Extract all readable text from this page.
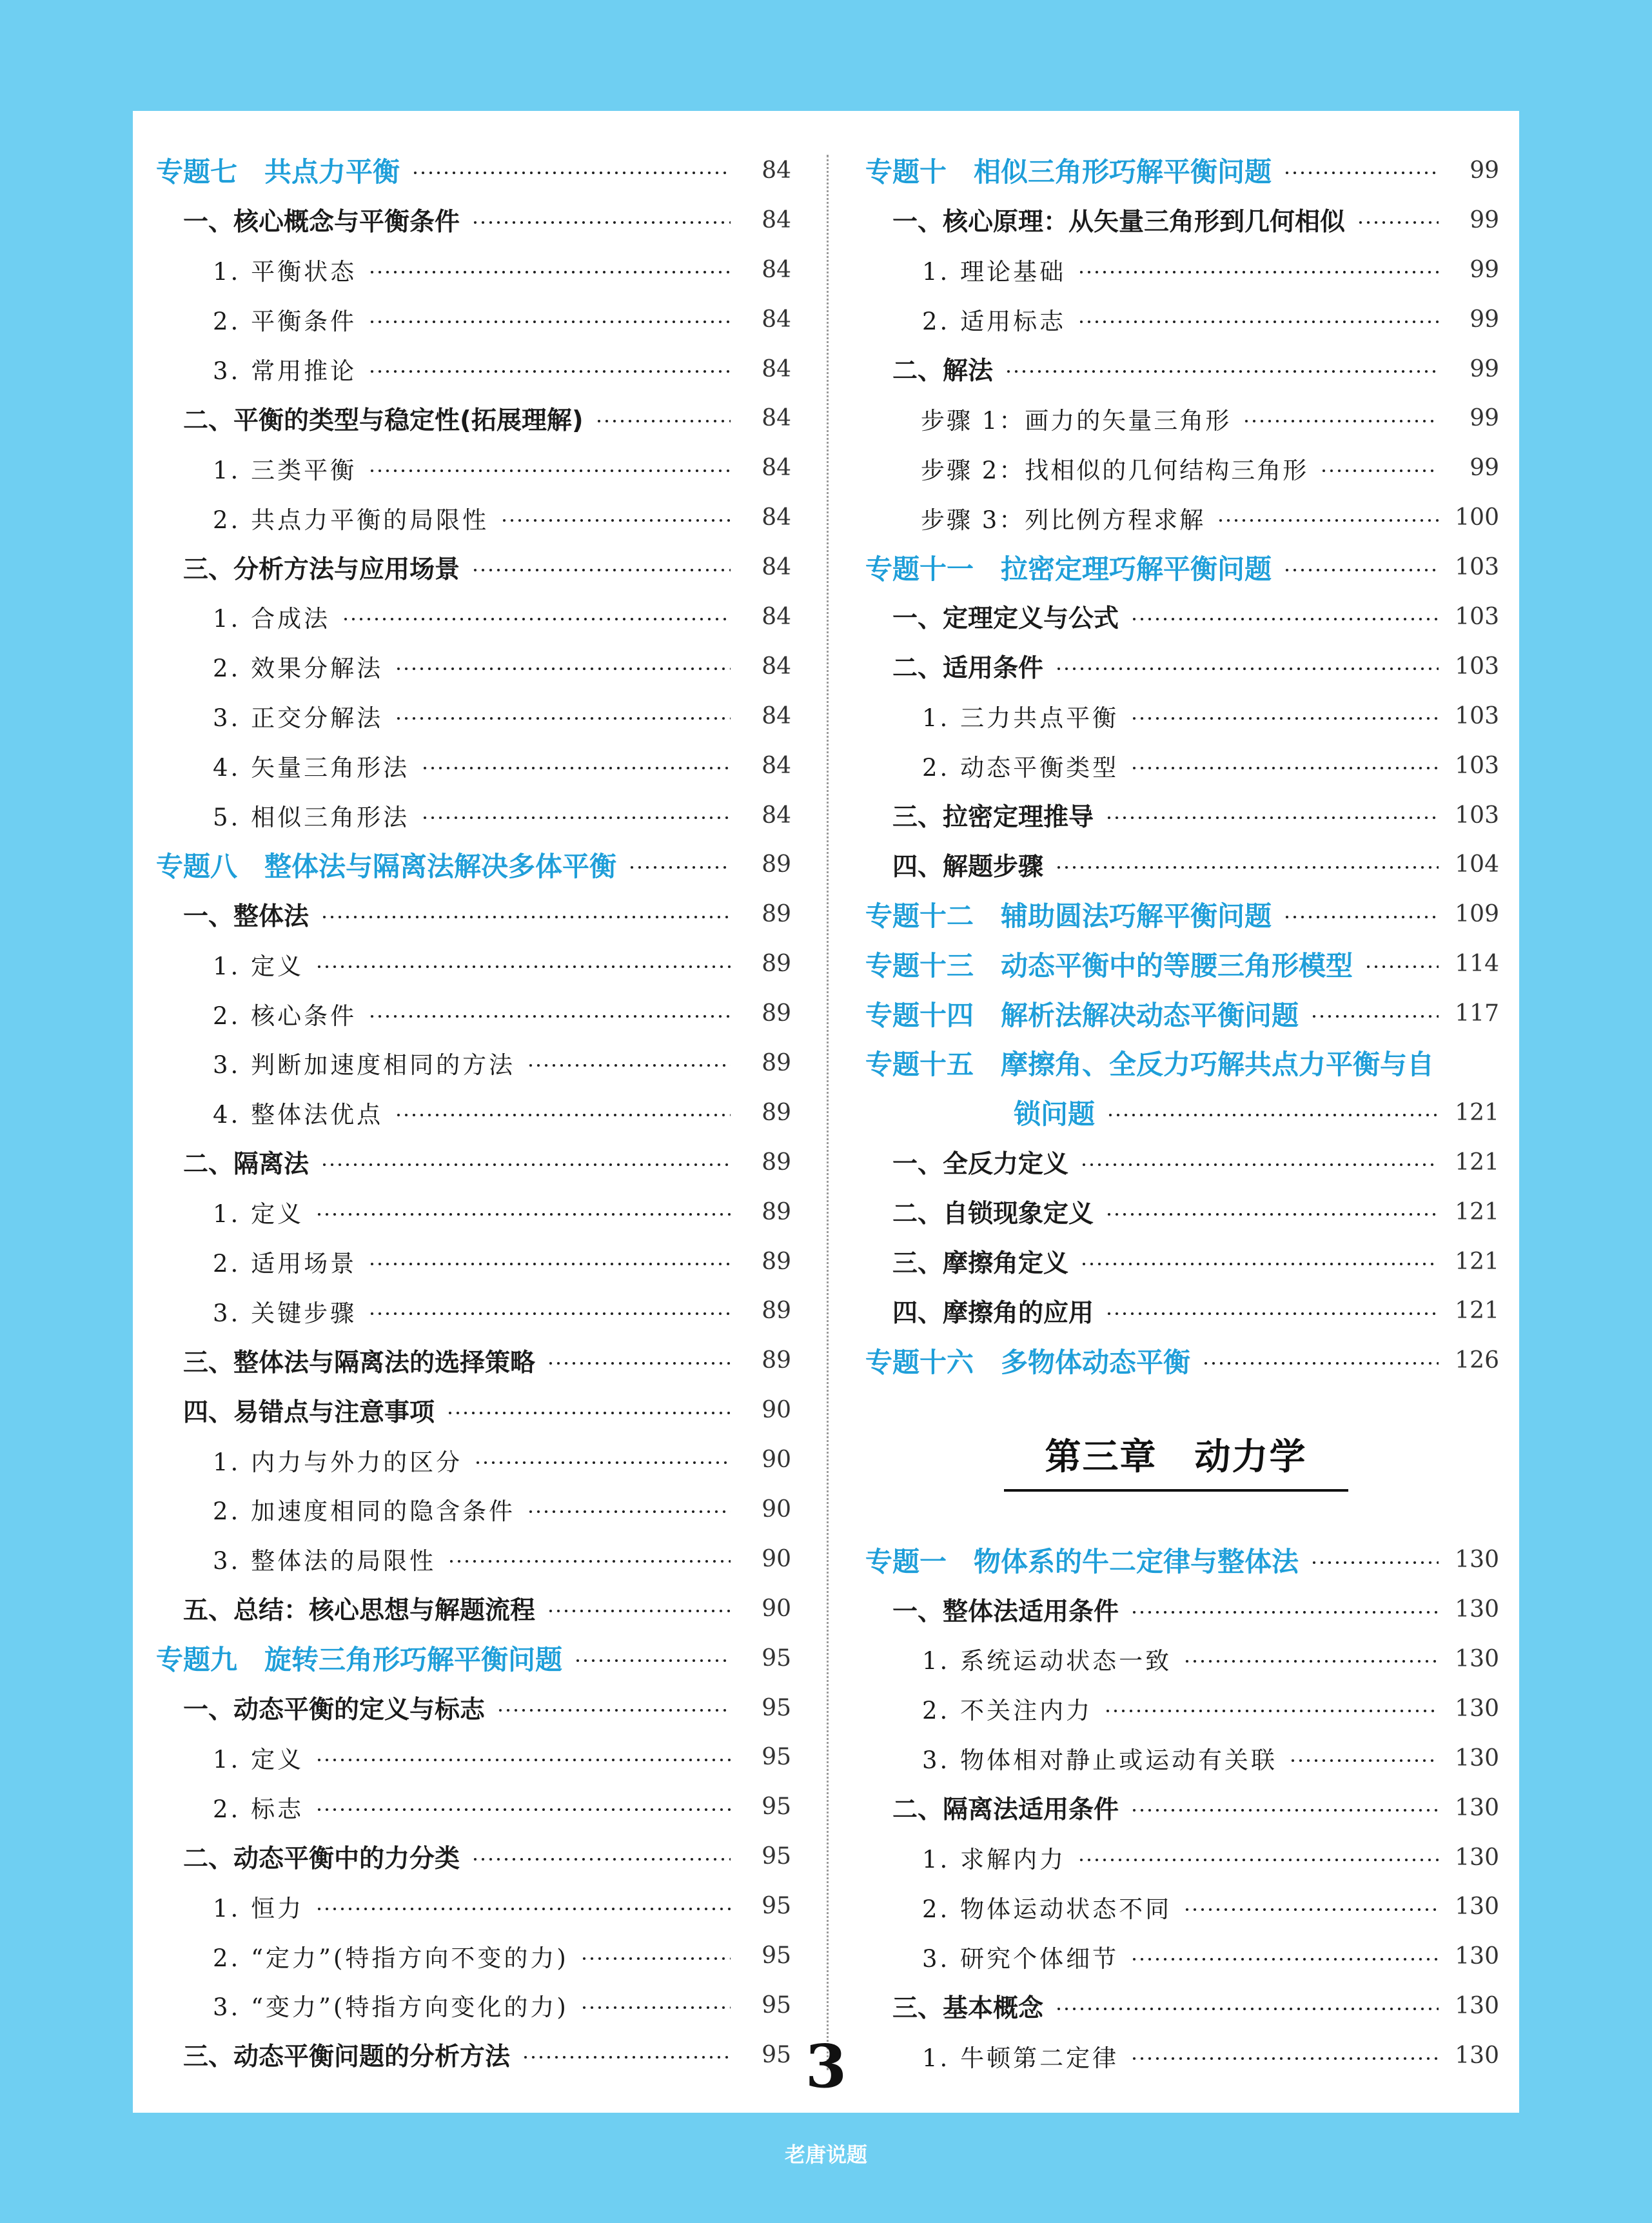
专题七　共点力平衡	84
一、核心概念与平衡条件	84
1. 平衡状态	84
2. 平衡条件	84
3. 常用推论	84
二、平衡的类型与稳定性(拓展理解)	84
1. 三类平衡	84
2. 共点力平衡的局限性	84
三、分析方法与应用场景	84
1. 合成法	84
2. 效果分解法	84
3. 正交分解法	84
4. 矢量三角形法	84
5. 相似三角形法	84
专题八　整体法与隔离法解决多体平衡	89
一、整体法	89
1. 定义	89
2. 核心条件	89
3. 判断加速度相同的方法	89
4. 整体法优点	89
二、隔离法	89
1. 定义	89
2. 适用场景	89
3. 关键步骤	89
三、整体法与隔离法的选择策略	89
四、易错点与注意事项	90
1. 内力与外力的区分	90
2. 加速度相同的隐含条件	90
3. 整体法的局限性	90
五、总结：核心思想与解题流程	90
专题九　旋转三角形巧解平衡问题	95
一、动态平衡的定义与标志	95
1. 定义	95
2. 标志	95
二、动态平衡中的力分类	95
1. 恒力	95
2. “定力”(特指方向不变的力)	95
3. “变力”(特指方向变化的力)	95
三、动态平衡问题的分析方法	95
专题十　相似三角形巧解平衡问题	99
一、核心原理：从矢量三角形到几何相似	99
1. 理论基础	99
2. 适用标志	99
二、解法	99
步骤 1：画力的矢量三角形	99
步骤 2：找相似的几何结构三角形	99
步骤 3：列比例方程求解	100
专题十一　拉密定理巧解平衡问题	103
一、定理定义与公式	103
二、适用条件	103
1. 三力共点平衡	103
2. 动态平衡类型	103
三、拉密定理推导	103
四、解题步骤	104
专题十二　辅助圆法巧解平衡问题	109
专题十三　动态平衡中的等腰三角形模型	114
专题十四　解析法解决动态平衡问题	117
专题十五　摩擦角、全反力巧解共点力平衡与自
锁问题	121
一、全反力定义	121
二、自锁现象定义	121
三、摩擦角定义	121
四、摩擦角的应用	121
专题十六　多物体动态平衡	126
第三章　动力学
专题一　物体系的牛二定律与整体法	130
一、整体法适用条件	130
1. 系统运动状态一致	130
2. 不关注内力	130
3. 物体相对静止或运动有关联	130
二、隔离法适用条件	130
1. 求解内力	130
2. 物体运动状态不同	130
3. 研究个体细节	130
三、基本概念	130
1. 牛顿第二定律	130
3
老唐说题
